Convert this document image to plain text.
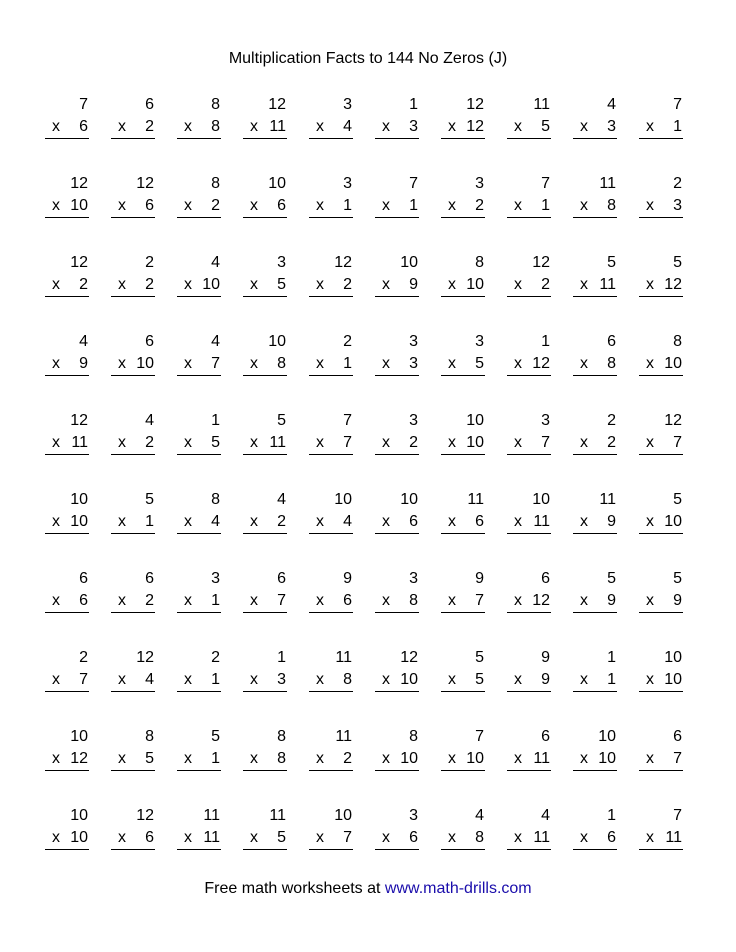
Multiplication Facts to 144 No Zeros (J)
7
x 6
6
x 2
8
x 8
12
x 11
3
x 4
1
x 3
12
x 12
11
x 5
4
x 3
7
x 1
12
x 10
12
x 6
8
x 2
10
x 6
3
x 1
7
x 1
3
x 2
7
x 1
11
x 8
2
x 3
12
x 2
2
x 2
4
x 10
3
x 5
12
x 2
10
x 9
8
x 10
12
x 2
5
x 11
5
x 12
4
x 9
6
x 10
4
x 7
10
x 8
2
x 1
3
x 3
3
x 5
1
x 12
6
x 8
8
x 10
12
x 11
4
x 2
1
x 5
5
x 11
7
x 7
3
x 2
10
x 10
3
x 7
2
x 2
12
x 7
10
x 10
5
x 1
8
x 4
4
x 2
10
x 4
10
x 6
11
x 6
10
x 11
11
x 9
5
x 10
6
x 6
6
x 2
3
x 1
6
x 7
9
x 6
3
x 8
9
x 7
6
x 12
5
x 9
5
x 9
2
x 7
12
x 4
2
x 1
1
x 3
11
x 8
12
x 10
5
x 5
9
x 9
1
x 1
10
x 10
10
x 12
8
x 5
5
x 1
8
x 8
11
x 2
8
x 10
7
x 10
6
x 11
10
x 10
6
x 7
10
x 10
12
x 6
11
x 11
11
x 5
10
x 7
3
x 6
4
x 8
4
x 11
1
x 6
7
x 11
Free math worksheets at www.math-drills.com
